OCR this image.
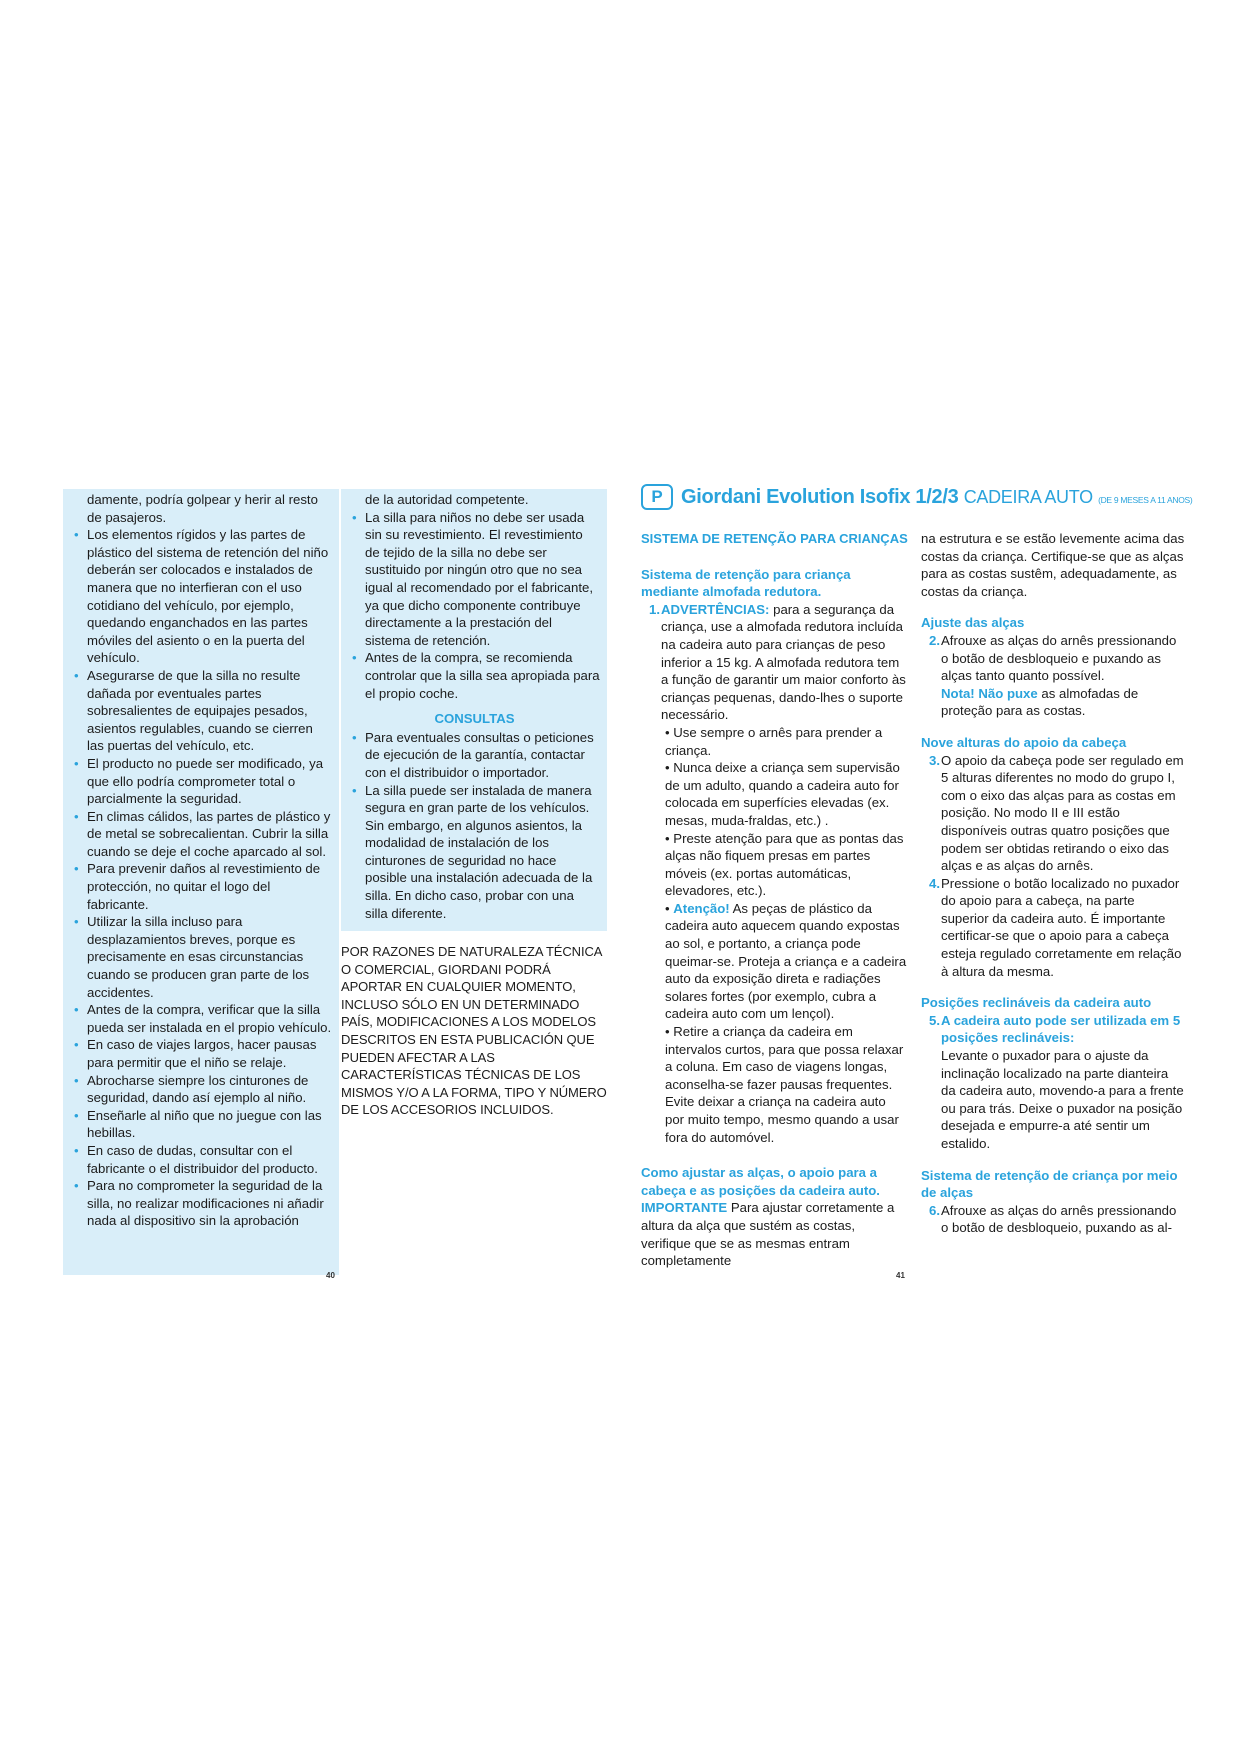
damente, podría golpear y herir al resto de pasajeros.
• Los elementos rígidos y las partes de plástico del sistema de retención del niño deberán ser colocados e instalados de manera que no interfieran con el uso cotidiano del vehículo, por ejemplo, quedando enganchados en las partes móviles del asiento o en la puerta del vehículo.
• Asegurarse de que la silla no resulte dañada por eventuales partes sobresalientes de equipajes pesados, asientos regulables, cuando se cierren las puertas del vehículo, etc.
• El producto no puede ser modificado, ya que ello podría comprometer total o parcialmente la seguridad.
• En climas cálidos, las partes de plástico y de metal se sobrecalientan. Cubrir la silla cuando se deje el coche aparcado al sol.
• Para prevenir daños al revestimiento de protección, no quitar el logo del fabricante.
• Utilizar la silla incluso para desplazamientos breves, porque es precisamente en esas circunstancias cuando se producen gran parte de los accidentes.
• Antes de la compra, verificar que la silla pueda ser instalada en el propio vehículo.
• En caso de viajes largos, hacer pausas para permitir que el niño se relaje.
• Abrocharse siempre los cinturones de seguridad, dando así ejemplo al niño.
• Enseñarle al niño que no juegue con las hebillas.
• En caso de dudas, consultar con el fabricante o el distribuidor del producto.
• Para no comprometer la seguridad de la silla, no realizar modificaciones ni añadir nada al dispositivo sin la aprobación
de la autoridad competente.
• La silla para niños no debe ser usada sin su revestimiento. El revestimiento de tejido de la silla no debe ser sustituido por ningún otro que no sea igual al recomendado por el fabricante, ya que dicho componente contribuye directamente a la prestación del sistema de retención.
• Antes de la compra, se recomienda controlar que la silla sea apropiada para el propio coche.
CONSULTAS
• Para eventuales consultas o peticiones de ejecución de la garantía, contactar con el distribuidor o importador.
• La silla puede ser instalada de manera segura en gran parte de los vehículos. Sin embargo, en algunos asientos, la modalidad de instalación de los cinturones de seguridad no hace posible una instalación adecuada de la silla. En dicho caso, probar con una silla diferente.
POR RAZONES DE NATURALEZA TÉCNICA O COMERCIAL, GIORDANI PODRÁ APORTAR EN CUALQUIER MOMENTO, INCLUSO SÓLO EN UN DETERMINADO PAÍS, MODIFICACIONES A LOS MODELOS DESCRITOS EN ESTA PUBLICACIÓN QUE PUEDEN AFECTAR A LAS CARACTERÍSTICAS TÉCNICAS DE LOS MISMOS Y/O A LA FORMA, TIPO Y NÚMERO DE LOS ACCESORIOS INCLUIDOS.
40
P Giordani Evolution Isofix 1/2/3 CADEIRA AUTO (DE 9 MESES A 11 ANOS)
SISTEMA DE RETENÇÃO PARA CRIANÇAS
Sistema de retenção para criança mediante almofada redutora.
1. ADVERTÊNCIAS: para a segurança da criança, use a almofada redutora incluída na cadeira auto para crianças de peso inferior a 15 kg. A almofada redutora tem a função de garantir um maior conforto às crianças pequenas, dando-lhes o suporte necessário.
• Use sempre o arnês para prender a criança.
• Nunca deixe a criança sem supervisão de um adulto, quando a cadeira auto for colocada em superfícies elevadas (ex. mesas, muda-fraldas, etc.) .
• Preste atenção para que as pontas das alças não fiquem presas em partes móveis (ex. portas automáticas, elevadores, etc.).
• Atenção! As peças de plástico da cadeira auto aquecem quando expostas ao sol, e portanto, a criança pode queimar-se. Proteja a criança e a cadeira auto da exposição direta e radiações solares fortes (por exemplo, cubra a cadeira auto com um lençol).
• Retire a criança da cadeira em intervalos curtos, para que possa relaxar a coluna. Em caso de viagens longas, aconselha-se fazer pausas frequentes. Evite deixar a criança na cadeira auto por muito tempo, mesmo quando a usar fora do automóvel.
Como ajustar as alças, o apoio para a cabeça e as posições da cadeira auto.
IMPORTANTE Para ajustar corretamente a altura da alça que sustém as costas, verifique que se as mesmas entram completamente
na estrutura e se estão levemente acima das costas da criança. Certifique-se que as alças para as costas sustêm, adequadamente, as costas da criança.
Ajuste das alças
2. Afrouxe as alças do arnês pressionando o botão de desbloqueio e puxando as alças tanto quanto possível.
Nota! Não puxe as almofadas de proteção para as costas.
Nove alturas do apoio da cabeça
3. O apoio da cabeça pode ser regulado em 5 alturas diferentes no modo do grupo I, com o eixo das alças para as costas em posição. No modo II e III estão disponíveis outras quatro posições que podem ser obtidas retirando o eixo das alças e as alças do arnês.
4. Pressione o botão localizado no puxador do apoio para a cabeça, na parte superior da cadeira auto. É importante certificar-se que o apoio para a cabeça esteja regulado corretamente em relação à altura da mesma.
Posições reclináveis da cadeira auto
5. A cadeira auto pode ser utilizada em 5 posições reclináveis:
Levante o puxador para o ajuste da inclinação localizado na parte dianteira da cadeira auto, movendo-a para a frente ou para trás. Deixe o puxador na posição desejada e empurre-a até sentir um estalido.
Sistema de retenção de criança por meio de alças
6. Afrouxe as alças do arnês pressionando o botão de desbloqueio, puxando as al-
41
